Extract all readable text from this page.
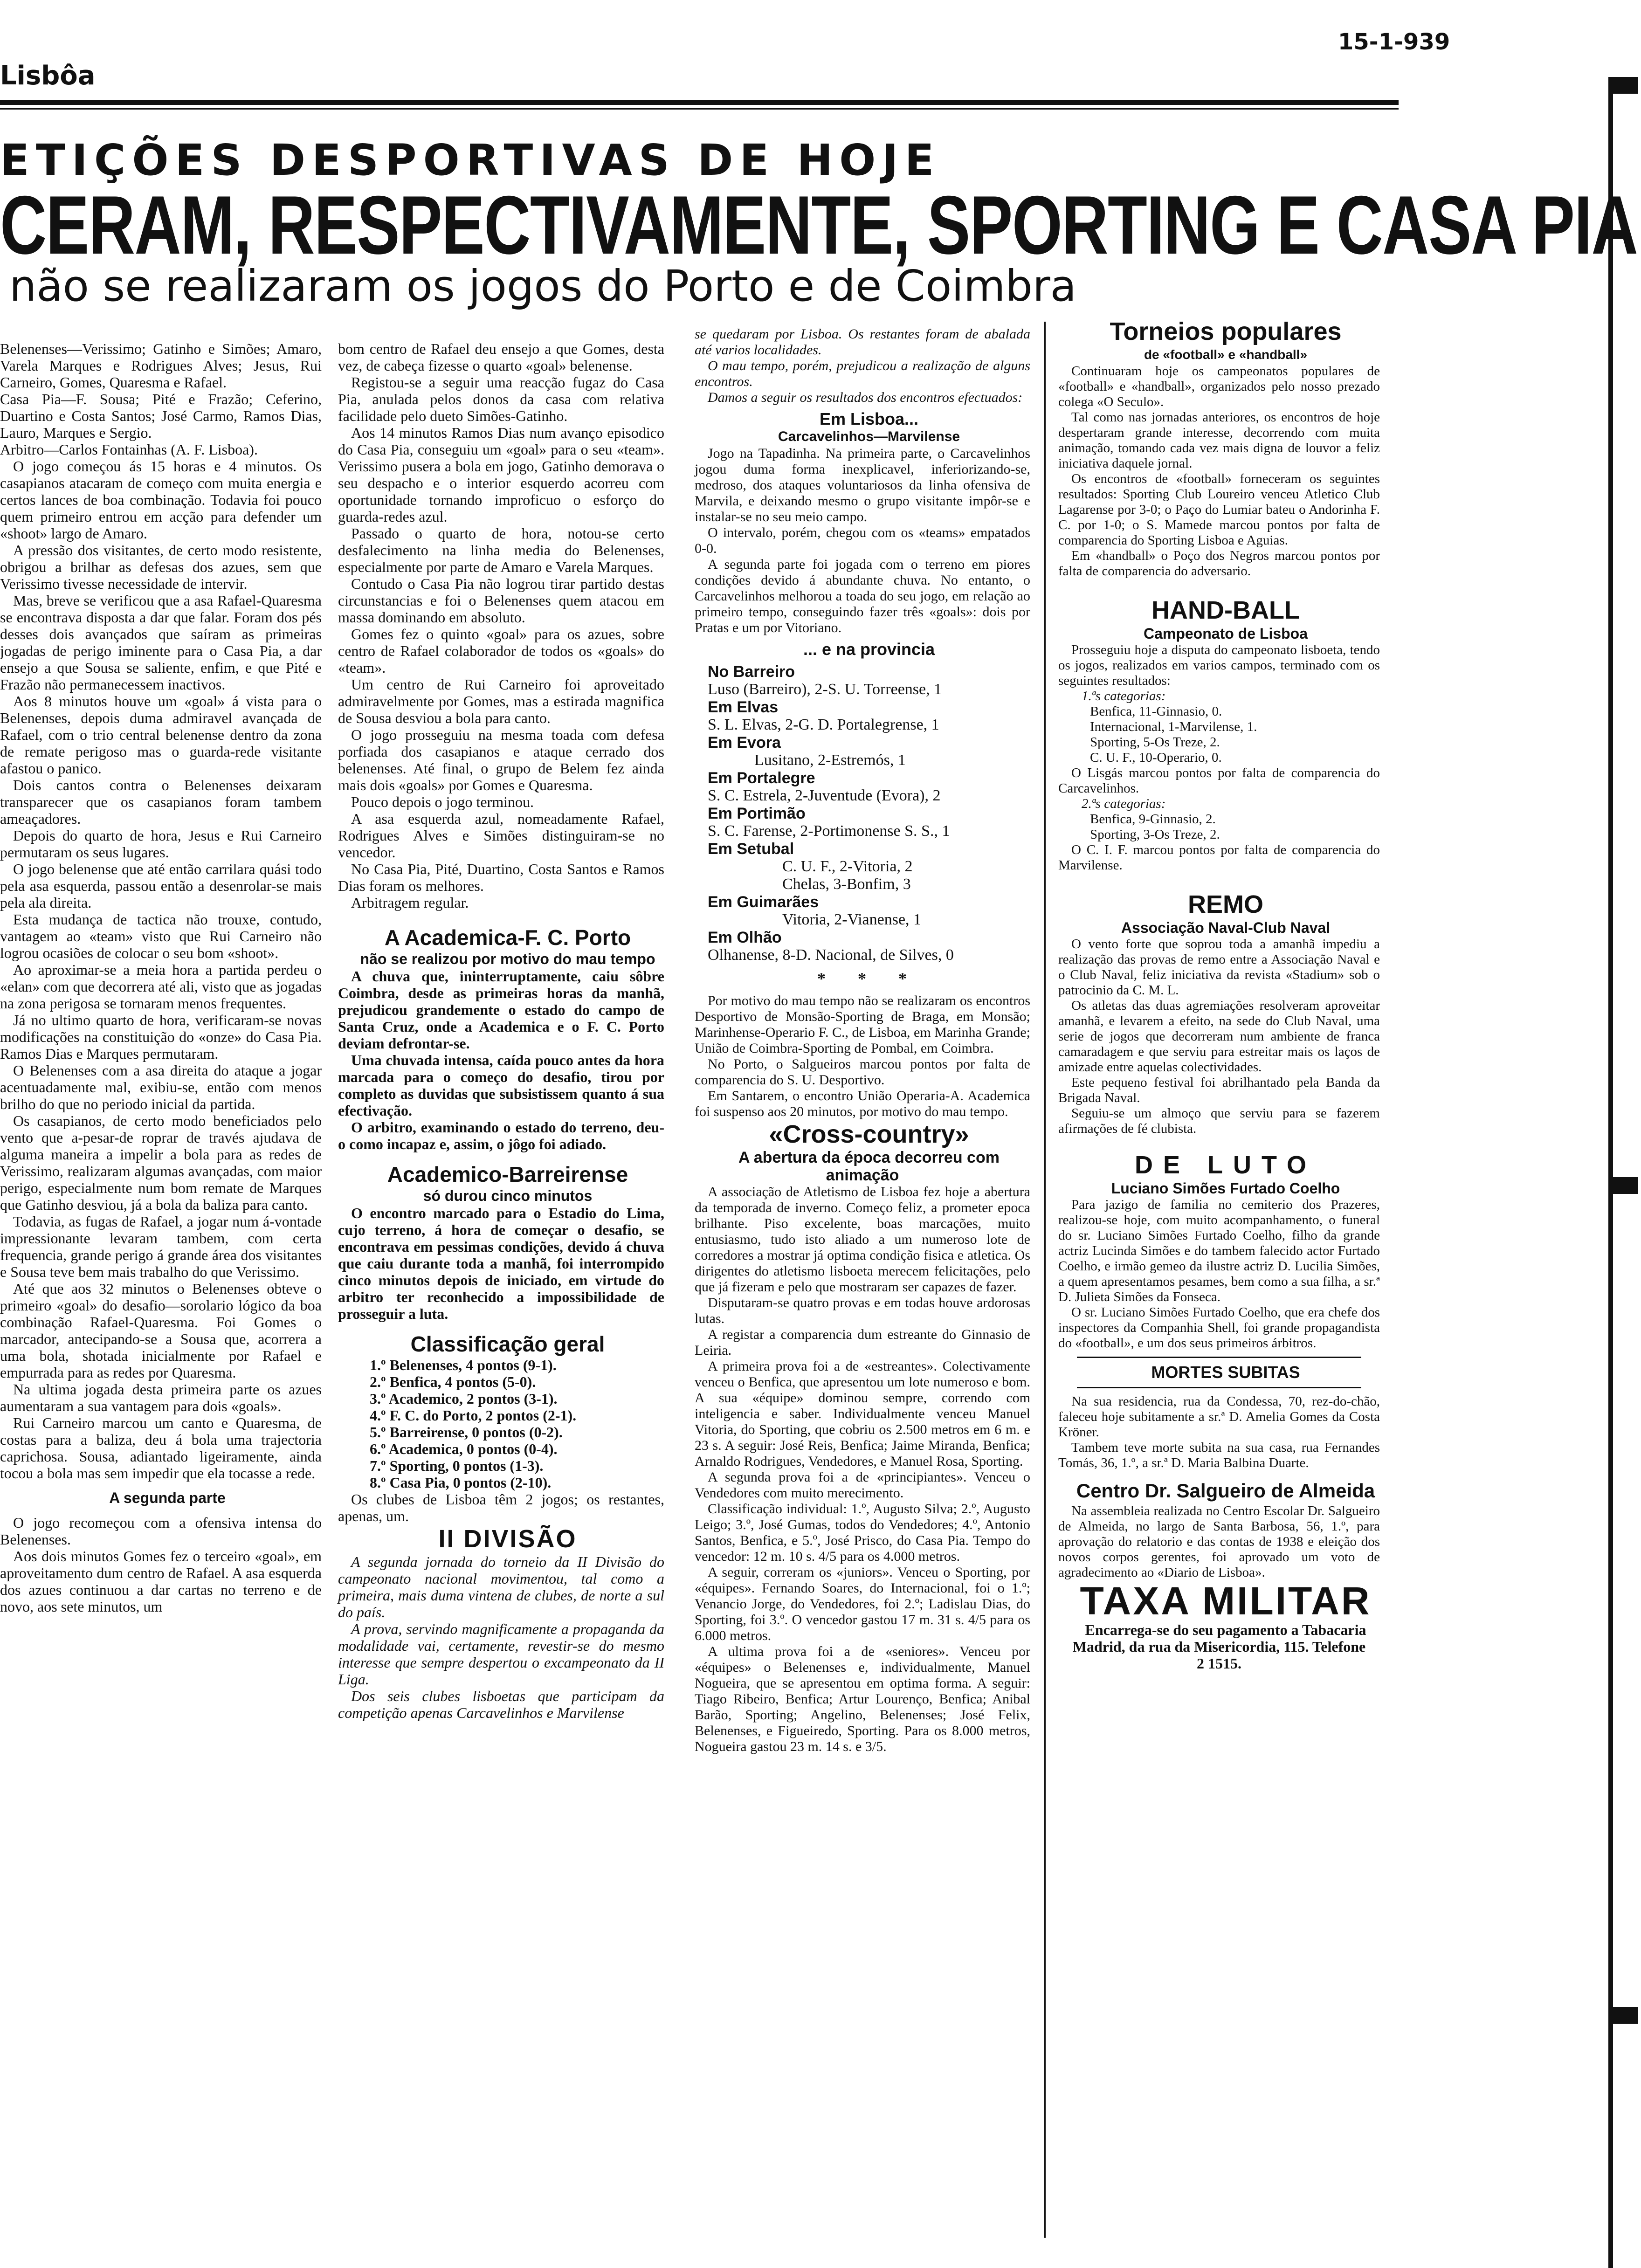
Lisbôa
15-1-939
ETIÇÕES DESPORTIVAS DE HOJE
CERAM, RESPECTIVAMENTE, SPORTING E CASA PIA
não se realizaram os jogos do Porto e de Coimbra

Belenenses—Verissimo; Gatinho e Simões; Amaro, Varela Marques e Rodrigues Alves; Jesus, Rui Carneiro, Gomes, Quaresma e Rafael.

Casa Pia—F. Sousa; Pité e Frazão; Ceferino, Duartino e Costa Santos; José Carmo, Ramos Dias, Lauro, Marques e Sergio.

Arbitro—Carlos Fontainhas (A. F. Lisboa).

O jogo começou ás 15 horas e 4 minutos. Os casapianos atacaram de começo com muita energia e certos lances de boa combinação. Todavia foi pouco quem primeiro entrou em acção para defender um «shoot» largo de Amaro.

A pressão dos visitantes, de certo modo resistente, obrigou a brilhar as defesas dos azues, sem que Verissimo tivesse necessidade de intervir.

Mas, breve se verificou que a asa Rafael-Quaresma se encontrava disposta a dar que falar. Foram dos pés desses dois avançados que saíram as primeiras jogadas de perigo iminente para o Casa Pia, a dar ensejo a que Sousa se saliente, enfim, e que Pité e Frazão não permanecessem inactivos.

Aos 8 minutos houve um «goal» á vista para o Belenenses, depois duma admiravel avançada de Rafael, com o trio central belenense dentro da zona de remate perigoso mas o guarda-rede visitante afastou o panico.

Dois cantos contra o Belenenses deixaram transparecer que os casapianos foram tambem ameaçadores.

Depois do quarto de hora, Jesus e Rui Carneiro permutaram os seus lugares.

O jogo belenense que até então carrilara quási todo pela asa esquerda, passou então a desenrolar-se mais pela ala direita.

Esta mudança de tactica não trouxe, contudo, vantagem ao «team» visto que Rui Carneiro não logrou ocasiões de colocar o seu bom «shoot».

Ao aproximar-se a meia hora a partida perdeu o «elan» com que decorrera até ali, visto que as jogadas na zona perigosa se tornaram menos frequentes.

Já no ultimo quarto de hora, verificaram-se novas modificações na constituição do «onze» do Casa Pia. Ramos Dias e Marques permutaram.

O Belenenses com a asa direita do ataque a jogar acentuadamente mal, exibiu-se, então com menos brilho do que no periodo inicial da partida.

Os casapianos, de certo modo beneficiados pelo vento que a-pesar-de roprar de través ajudava de alguma maneira a impelir a bola para as redes de Verissimo, realizaram algumas avançadas, com maior perigo, especialmente num bom remate de Marques que Gatinho desviou, já a bola da baliza para canto.

Todavia, as fugas de Rafael, a jogar num á-vontade impressionante levaram tambem, com certa frequencia, grande perigo á grande área dos visitantes e Sousa teve bem mais trabalho do que Verissimo.

Até que aos 32 minutos o Belenenses obteve o primeiro «goal» do desafio—sorolario lógico da boa combinação Rafael-Quaresma. Foi Gomes o marcador, antecipando-se a Sousa que, acorrera a uma bola, shotada inicialmente por Rafael e empurrada para as redes por Quaresma.

Na ultima jogada desta primeira parte os azues aumentaram a sua vantagem para dois «goals».

Rui Carneiro marcou um canto e Quaresma, de costas para a baliza, deu á bola uma trajectoria caprichosa. Sousa, adiantado ligeiramente, ainda tocou a bola mas sem impedir que ela tocasse a rede.

A segunda parte

O jogo recomeçou com a ofensiva intensa do Belenenses.

Aos dois minutos Gomes fez o terceiro «goal», em aproveitamento dum centro de Rafael. A asa esquerda dos azues continuou a dar cartas no terreno e de novo, aos sete minutos, um

bom centro de Rafael deu ensejo a que Gomes, desta vez, de cabeça fizesse o quarto «goal» belenense.

Registou-se a seguir uma reacção fugaz do Casa Pia, anulada pelos donos da casa com relativa facilidade pelo dueto Simões-Gatinho.

Aos 14 minutos Ramos Dias num avanço episodico do Casa Pia, conseguiu um «goal» para o seu «team». Verissimo pusera a bola em jogo, Gatinho demorava o seu despacho e o interior esquerdo acorreu com oportunidade tornando improficuo o esforço do guarda-redes azul.

Passado o quarto de hora, notou-se certo desfalecimento na linha media do Belenenses, especialmente por parte de Amaro e Varela Marques.

Contudo o Casa Pia não logrou tirar partido destas circunstancias e foi o Belenenses quem atacou em massa dominando em absoluto.

Gomes fez o quinto «goal» para os azues, sobre centro de Rafael colaborador de todos os «goals» do «team».

Um centro de Rui Carneiro foi aproveitado admiravelmente por Gomes, mas a estirada magnifica de Sousa desviou a bola para canto.

O jogo prosseguiu na mesma toada com defesa porfiada dos casapianos e ataque cerrado dos belenenses. Até final, o grupo de Belem fez ainda mais dois «goals» por Gomes e Quaresma.

Pouco depois o jogo terminou.

A asa esquerda azul, nomeadamente Rafael, Rodrigues Alves e Simões distinguiram-se no vencedor.

No Casa Pia, Pité, Duartino, Costa Santos e Ramos Dias foram os melhores.

Arbitragem regular.

A Academica-F. C. Porto

não se realizou por motivo do mau tempo

A chuva que, ininterruptamente, caiu sôbre Coimbra, desde as primeiras horas da manhã, prejudicou grandemente o estado do campo de Santa Cruz, onde a Academica e o F. C. Porto deviam defrontar-se.

Uma chuvada intensa, caída pouco antes da hora marcada para o começo do desafio, tirou por completo as duvidas que subsistissem quanto á sua efectivação.

O arbitro, examinando o estado do terreno, deu-o como incapaz e, assim, o jôgo foi adiado.

Academico-Barreirense

só durou cinco minutos

O encontro marcado para o Estadio do Lima, cujo terreno, á hora de começar o desafio, se encontrava em pessimas condições, devido á chuva que caiu durante toda a manhã, foi interrompido cinco minutos depois de iniciado, em virtude do arbitro ter reconhecido a impossibilidade de prosseguir a luta.

Classificação geral

1.º Belenenses, 4 pontos (9-1).

2.º Benfica, 4 pontos (5-0).

3.º Academico, 2 pontos (3-1).

4.º F. C. do Porto, 2 pontos (2-1).

5.º Barreirense, 0 pontos (0-2).

6.º Academica, 0 pontos (0-4).

7.º Sporting, 0 pontos (1-3).

8.º Casa Pia, 0 pontos (2-10).

Os clubes de Lisboa têm 2 jogos; os restantes, apenas, um.

II DIVISÃO

A segunda jornada do torneio da II Divisão do campeonato nacional movimentou, tal como a primeira, mais duma vintena de clubes, de norte a sul do país.

A prova, servindo magnificamente a propaganda da modalidade vai, certamente, revestir-se do mesmo interesse que sempre despertou o excampeonato da II Liga.

Dos seis clubes lisboetas que participam da competição apenas Carcavelinhos e Marvilense

se quedaram por Lisboa. Os restantes foram de abalada até varios localidades.

O mau tempo, porém, prejudicou a realização de alguns encontros.

Damos a seguir os resultados dos encontros efectuados:

Em Lisboa...

Carcavelinhos—Marvilense

Jogo na Tapadinha. Na primeira parte, o Carcavelinhos jogou duma forma inexplicavel, inferiorizando-se, medroso, dos ataques voluntariosos da linha ofensiva de Marvila, e deixando mesmo o grupo visitante impôr-se e instalar-se no seu meio campo.

O intervalo, porém, chegou com os «teams» empatados 0-0.

A segunda parte foi jogada com o terreno em piores condições devido á abundante chuva. No entanto, o Carcavelinhos melhorou a toada do seu jogo, em relação ao primeiro tempo, conseguindo fazer três «goals»: dois por Pratas e um por Vitoriano.

... e na provincia

No Barreiro

Luso (Barreiro), 2-S. U. Torreense, 1

Em Elvas

S. L. Elvas, 2-G. D. Portalegrense, 1

Em Evora

Lusitano, 2-Estremós, 1

Em Portalegre

S. C. Estrela, 2-Juventude (Evora), 2

Em Portimão

S. C. Farense, 2-Portimonense S. S., 1

Em Setubal

C. U. F., 2-Vitoria, 2

Chelas, 3-Bonfim, 3

Em Guimarães

Vitoria, 2-Vianense, 1

Em Olhão

Olhanense, 8-D. Nacional, de Silves, 0

* * *

Por motivo do mau tempo não se realizaram os encontros Desportivo de Monsão-Sporting de Braga, em Monsão; Marinhense-Operario F. C., de Lisboa, em Marinha Grande; União de Coimbra-Sporting de Pombal, em Coimbra.

No Porto, o Salgueiros marcou pontos por falta de comparencia do S. U. Desportivo.

Em Santarem, o encontro União Operaria-A. Academica foi suspenso aos 20 minutos, por motivo do mau tempo.

«Cross-country»

A abertura da época decorreu com animação

A associação de Atletismo de Lisboa fez hoje a abertura da temporada de inverno. Começo feliz, a prometer epoca brilhante. Piso excelente, boas marcações, muito entusiasmo, tudo isto aliado a um numeroso lote de corredores a mostrar já optima condição fisica e atletica. Os dirigentes do atletismo lisboeta merecem felicitações, pelo que já fizeram e pelo que mostraram ser capazes de fazer.

Disputaram-se quatro provas e em todas houve ardorosas lutas.

A registar a comparencia dum estreante do Ginnasio de Leiria.

A primeira prova foi a de «estreantes». Colectivamente venceu o Benfica, que apresentou um lote numeroso e bom. A sua «équipe» dominou sempre, correndo com inteligencia e saber. Individualmente venceu Manuel Vitoria, do Sporting, que cobriu os 2.500 metros em 6 m. e 23 s. A seguir: José Reis, Benfica; Jaime Miranda, Benfica; Arnaldo Rodrigues, Vendedores, e Manuel Rosa, Sporting.

A segunda prova foi a de «principiantes». Venceu o Vendedores com muito merecimento.

Classificação individual: 1.º, Augusto Silva; 2.º, Augusto Leigo; 3.º, José Gumas, todos do Vendedores; 4.º, Antonio Santos, Benfica, e 5.º, José Prisco, do Casa Pia. Tempo do vencedor: 12 m. 10 s. 4/5 para os 4.000 metros.

A seguir, correram os «juniors». Venceu o Sporting, por «équipes». Fernando Soares, do Internacional, foi o 1.º; Venancio Jorge, do Vendedores, foi 2.º; Ladislau Dias, do Sporting, foi 3.º. O vencedor gastou 17 m. 31 s. 4/5 para os 6.000 metros.

A ultima prova foi a de «seniores». Venceu por «équipes» o Belenenses e, individualmente, Manuel Nogueira, que se apresentou em optima forma. A seguir: Tiago Ribeiro, Benfica; Artur Lourenço, Benfica; Anibal Barão, Sporting; Angelino, Belenenses; José Felix, Belenenses, e Figueiredo, Sporting. Para os 8.000 metros, Nogueira gastou 23 m. 14 s. e 3/5.

Torneios populares

de «football» e «handball»

Continuaram hoje os campeonatos populares de «football» e «handball», organizados pelo nosso prezado colega «O Seculo».

Tal como nas jornadas anteriores, os encontros de hoje despertaram grande interesse, decorrendo com muita animação, tomando cada vez mais digna de louvor a feliz iniciativa daquele jornal.

Os encontros de «football» forneceram os seguintes resultados: Sporting Club Loureiro venceu Atletico Club Lagarense por 3-0; o Paço do Lumiar bateu o Andorinha F. C. por 1-0; o S. Mamede marcou pontos por falta de comparencia do Sporting Lisboa e Aguias.

Em «handball» o Poço dos Negros marcou pontos por falta de comparencia do adversario.

HAND-BALL

Campeonato de Lisboa

Prosseguiu hoje a disputa do campeonato lisboeta, tendo os jogos, realizados em varios campos, terminado com os seguintes resultados:

1.ªs categorias:

Benfica, 11-Ginnasio, 0.

Internacional, 1-Marvilense, 1.

Sporting, 5-Os Treze, 2.

C. U. F., 10-Operario, 0.

O Lisgás marcou pontos por falta de comparencia do Carcavelinhos.

2.ªs categorias:

Benfica, 9-Ginnasio, 2.

Sporting, 3-Os Treze, 2.

O C. I. F. marcou pontos por falta de comparencia do Marvilense.

REMO

Associação Naval-Club Naval

O vento forte que soprou toda a amanhã impediu a realização das provas de remo entre a Associação Naval e o Club Naval, feliz iniciativa da revista «Stadium» sob o patrocinio da C. M. L.

Os atletas das duas agremiações resolveram aproveitar amanhã, e levarem a efeito, na sede do Club Naval, uma serie de jogos que decorreram num ambiente de franca camaradagem e que serviu para estreitar mais os laços de amizade entre aquelas colectividades.

Este pequeno festival foi abrilhantado pela Banda da Brigada Naval.

Seguiu-se um almoço que serviu para se fazerem afirmações de fé clubista.

DE LUTO

Luciano Simões Furtado Coelho

Para jazigo de familia no cemiterio dos Prazeres, realizou-se hoje, com muito acompanhamento, o funeral do sr. Luciano Simões Furtado Coelho, filho da grande actriz Lucinda Simões e do tambem falecido actor Furtado Coelho, e irmão gemeo da ilustre actriz D. Lucilia Simões, a quem apresentamos pesames, bem como a sua filha, a sr.ª D. Julieta Simões da Fonseca.

O sr. Luciano Simões Furtado Coelho, que era chefe dos inspectores da Companhia Shell, foi grande propagandista do «football», e um dos seus primeiros árbitros.

MORTES SUBITAS

Na sua residencia, rua da Condessa, 70, rez-do-chão, faleceu hoje subitamente a sr.ª D. Amelia Gomes da Costa Kröner.

Tambem teve morte subita na sua casa, rua Fernandes Tomás, 36, 1.º, a sr.ª D. Maria Balbina Duarte.

Centro Dr. Salgueiro de Almeida

Na assembleia realizada no Centro Escolar Dr. Salgueiro de Almeida, no largo de Santa Barbosa, 56, 1.º, para aprovação do relatorio e das contas de 1938 e eleição dos novos corpos gerentes, foi aprovado um voto de agradecimento ao «Diario de Lisboa».

TAXA MILITAR

Encarrega-se do seu pagamento a Tabacaria Madrid, da rua da Misericordia, 115. Telefone 2 1515.
